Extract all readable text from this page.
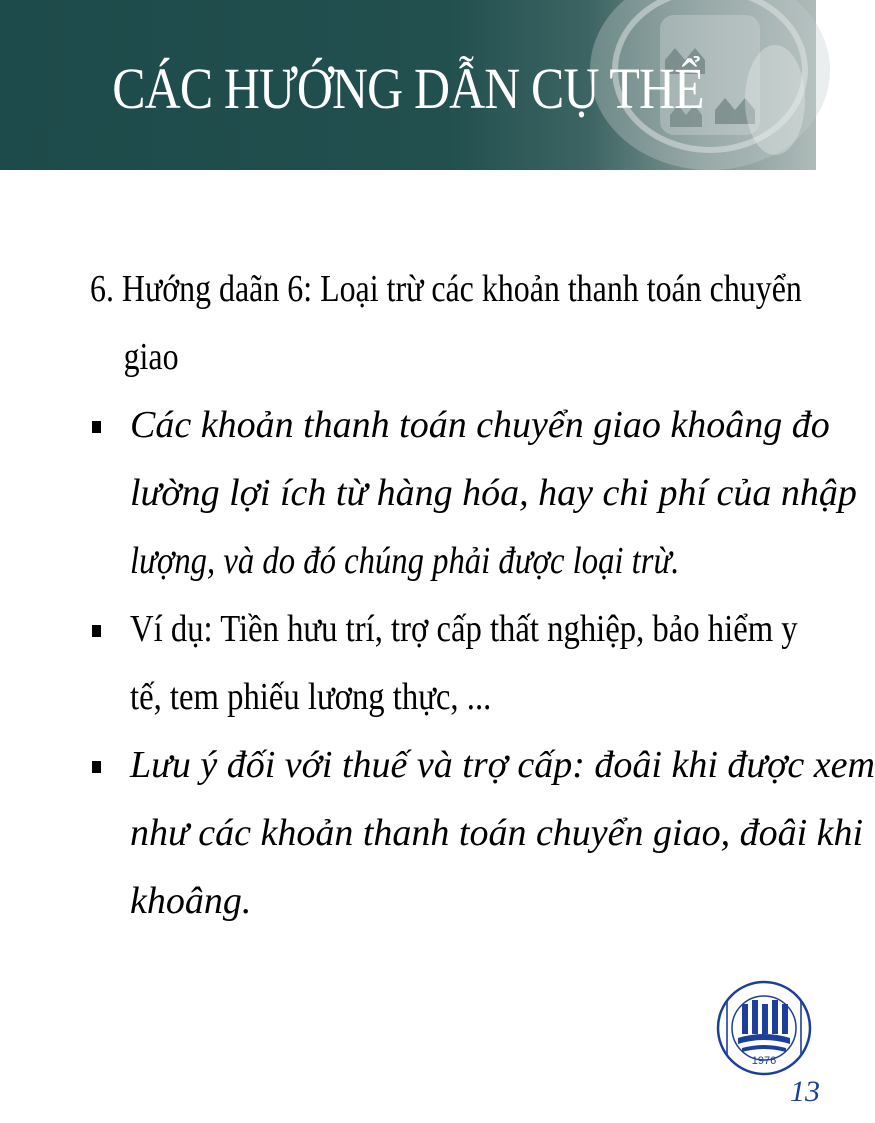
CÁC HƯỚNG DẪN CỤ THỂ
6. Hướng daãn 6: Loại trừ các khoản thanh toán chuyển
giao
Các khoản thanh toán chuyển giao khoâng đo
lường lợi ích từ hàng hóa, hay chi phí của nhập
lượng, và do đó chúng phải được loại trừ.
Ví dụ: Tiền hưu trí, trợ cấp thất nghiệp, bảo hiểm y
tế, tem phiếu lương thực, ...
Lưu ý đối với thuế và trợ cấp: đoâi khi được xem
như các khoản thanh toán chuyển giao, đoâi khi
khoâng.
1976
13
